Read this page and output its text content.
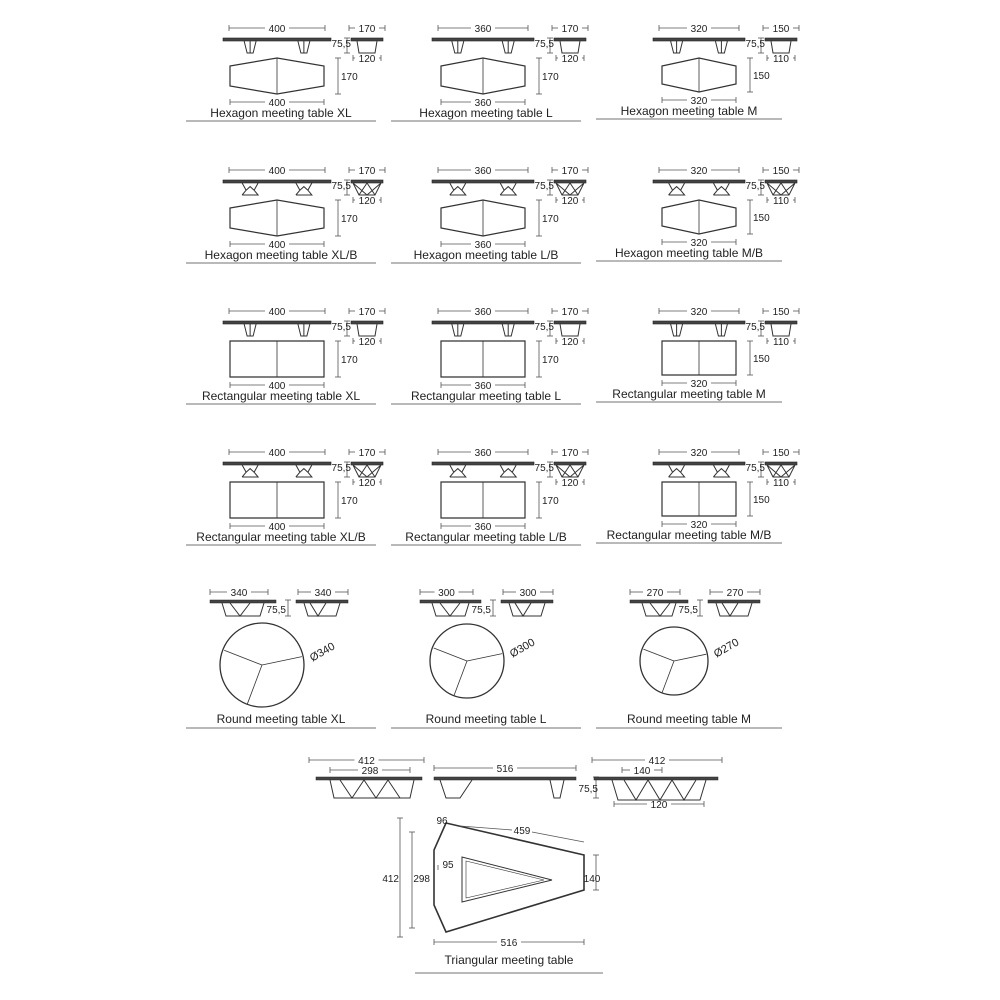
400
75,5
170
120
170
400
Hexagon meeting table XL
360
75,5
170
120
170
360
Hexagon meeting table L
320
75,5
150
110
150
320
Hexagon meeting table M
400
75,5
170
120
170
400
Hexagon meeting table XL/B
360
75,5
170
120
170
360
Hexagon meeting table L/B
320
75,5
150
110
150
320
Hexagon meeting table M/B
400
75,5
170
120
170
400
Rectangular meeting table XL
360
75,5
170
120
170
360
Rectangular meeting table L
320
75,5
150
110
150
320
Rectangular meeting table M
400
75,5
170
120
170
400
Rectangular meeting table XL/B
360
75,5
170
120
170
360
Rectangular meeting table L/B
320
75,5
150
110
150
320
Rectangular meeting table M/B
340
75,5
340
Ø340
Round meeting table XL
300
75,5
300
Ø300
Round meeting table L
270
75,5
270
Ø270
Round meeting table M
412
298	516
75,5
412
140
120
96
459
95
412 298	140
516
Triangular meeting table
